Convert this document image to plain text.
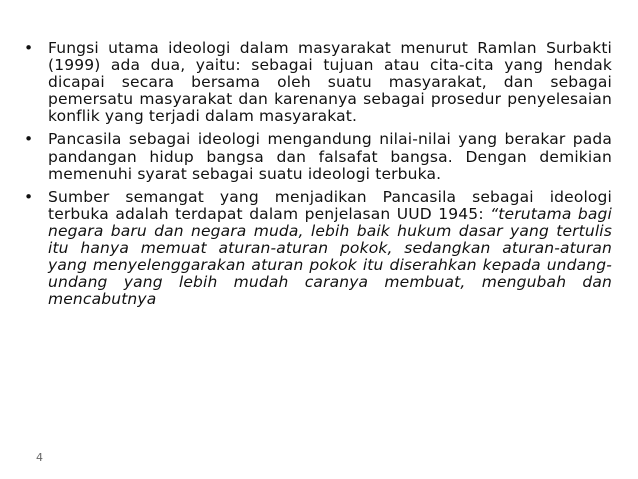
• Fungsi utama ideologi dalam masyarakat menurut Ramlan Surbakti (1999) ada dua, yaitu: sebagai tujuan atau cita-cita yang hendak dicapai secara bersama oleh suatu masyarakat, dan sebagai pemersatu masyarakat dan karenanya sebagai prosedur penyelesaian konflik yang terjadi dalam masyarakat.
• Pancasila sebagai ideologi mengandung nilai-nilai yang berakar pada pandangan hidup bangsa dan falsafat bangsa. Dengan demikian memenuhi syarat sebagai suatu ideologi terbuka.
• Sumber semangat yang menjadikan Pancasila sebagai ideologi terbuka adalah terdapat dalam penjelasan UUD 1945: “terutama bagi negara baru dan negara muda, lebih baik hukum dasar yang tertulis itu hanya memuat aturan-aturan pokok, sedangkan aturan-aturan yang menyelenggarakan aturan pokok itu diserahkan kepada undang-undang yang lebih mudah caranya membuat, mengubah dan mencabutnya
4
